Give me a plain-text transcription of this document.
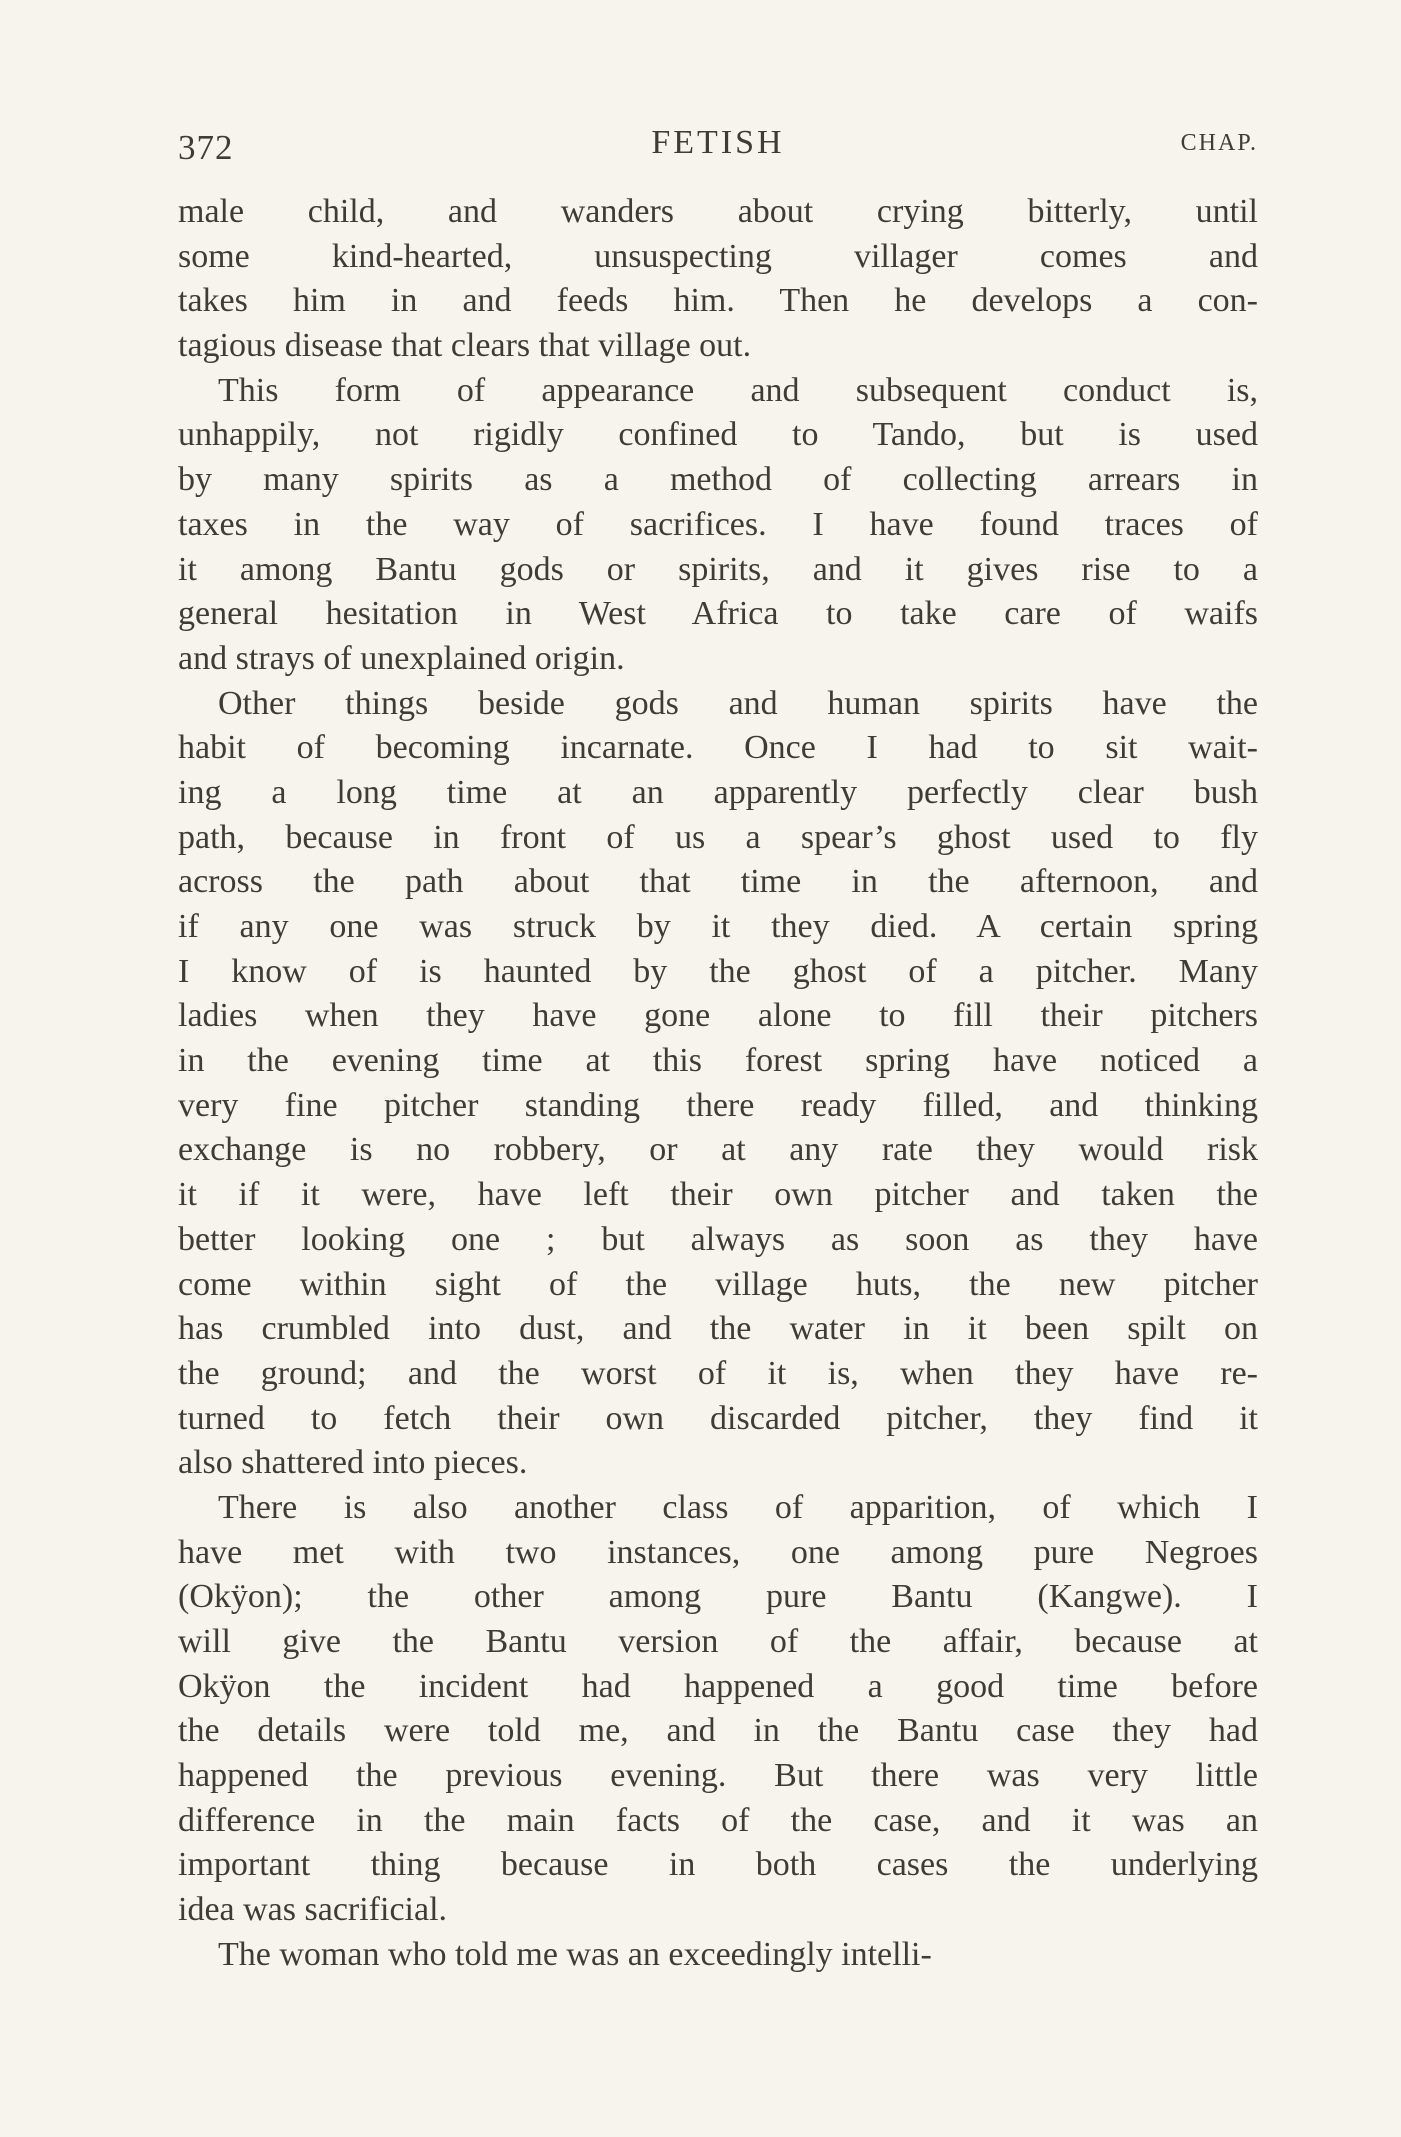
372	FETISH	CHAP.
male child, and wanders about crying bitterly, until
some kind-hearted, unsuspecting villager comes and
takes him in and feeds him. Then he develops a con-
tagious disease that clears that village out.
This form of appearance and subsequent conduct is,
unhappily, not rigidly confined to Tando, but is used
by many spirits as a method of collecting arrears in
taxes in the way of sacrifices. I have found traces of
it among Bantu gods or spirits, and it gives rise to a
general hesitation in West Africa to take care of waifs
and strays of unexplained origin.
Other things beside gods and human spirits have the
habit of becoming incarnate. Once I had to sit wait-
ing a long time at an apparently perfectly clear bush
path, because in front of us a spear’s ghost used to fly
across the path about that time in the afternoon, and
if any one was struck by it they died. A certain spring
I know of is haunted by the ghost of a pitcher. Many
ladies when they have gone alone to fill their pitchers
in the evening time at this forest spring have noticed a
very fine pitcher standing there ready filled, and thinking
exchange is no robbery, or at any rate they would risk
it if it were, have left their own pitcher and taken the
better looking one ; but always as soon as they have
come within sight of the village huts, the new pitcher
has crumbled into dust, and the water in it been spilt on
the ground; and the worst of it is, when they have re-
turned to fetch their own discarded pitcher, they find it
also shattered into pieces.
There is also another class of apparition, of which I
have met with two instances, one among pure Negroes
(Okÿon); the other among pure Bantu (Kangwe). I
will give the Bantu version of the affair, because at
Okÿon the incident had happened a good time before
the details were told me, and in the Bantu case they had
happened the previous evening. But there was very little
difference in the main facts of the case, and it was an
important thing because in both cases the underlying
idea was sacrificial.
The woman who told me was an exceedingly intelli-
